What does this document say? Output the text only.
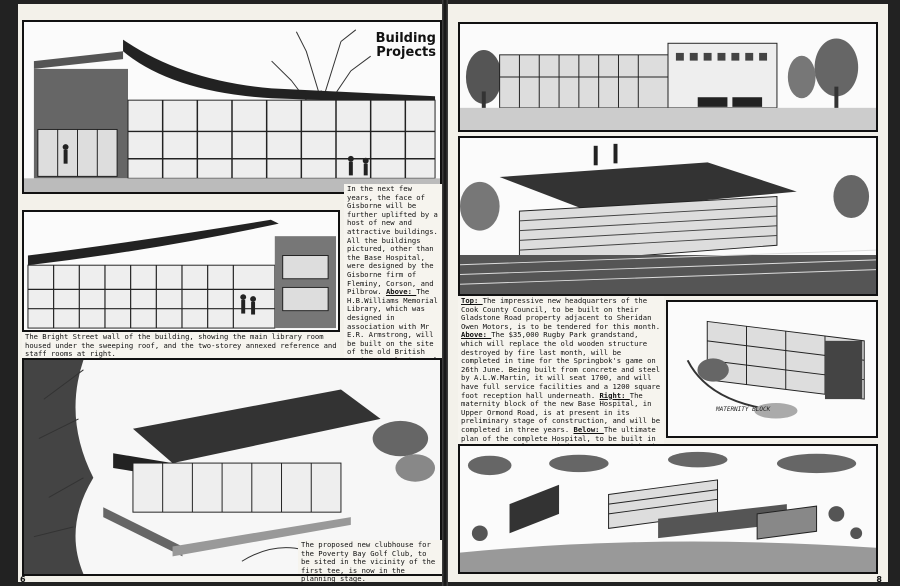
Building
Projects
In the next few years, the face of Gisborne will be further uplifted by a host of new and attractive buildings. All the buildings pictured, other than the Base Hospital, were designed by the Gisborne firm of Fleminy, Corson, and Pilbrow. Above: The H.B.Williams Memorial Library, which was designed in association with Mr E.R. Armstrong, will be built on the site of the old British
The Bright Street wall of the building, showing the main library room housed under the sweeping roof, and the two-storey annexed reference and staff rooms at right.
The proposed new clubhouse for the Poverty Bay Golf Club, to be sited in the vicinity of the first tee, is now in the planning stage.
6
Top: The impressive new headquarters of the Cook County Council, to be built on their Gladstone Road property adjacent to Sheridan Owen Motors, is to be tendered for this month. Above: The $35,000 Rugby Park grandstand, which will replace the old wooden structure destroyed by fire last month, will be completed in time for the Springbok's game on 26th June. Being built from concrete and steel by A.L.W.Martin, it will seat 1700, and will have full service facilities and a 1200 square foot reception hall underneath. Right: The maternity block of the new Base Hospital, in Upper Ormond Road, is at present in its preliminary stage of construction, and will be completed in three years. Below: The ultimate plan of the complete Hospital, to be built in
MATERNITY BLOCK
8
